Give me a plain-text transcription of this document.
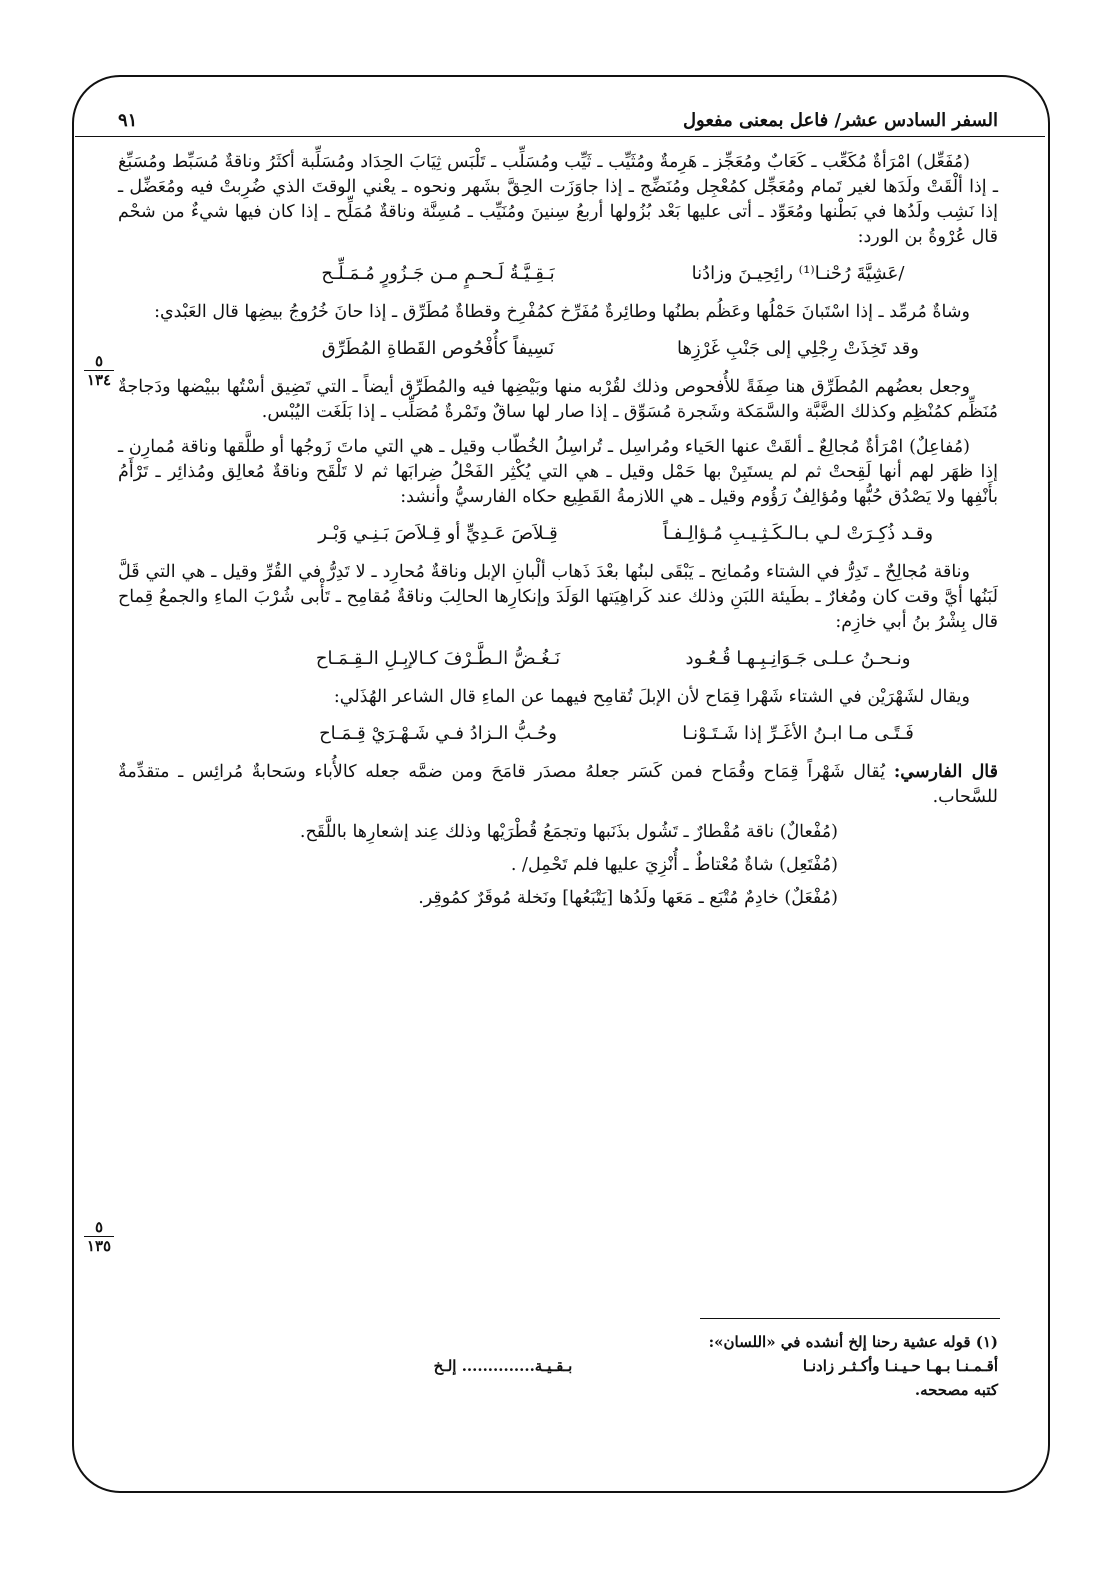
السفر السادس عشر/ فاعل بمعنى مفعول
٩١
٥
١٣٤
٥
١٣٥

(مُفَعِّل) امْرَأةٌ مُكَعِّب ـ كَعَابٌ ومُعَجِّز ـ هَرِمةٌ ومُثَيِّب ـ ثَيِّب ومُسَلِّب ـ تَلْبَس ثِيَابَ الحِدَاد ومُسَلِّبة أكثَرُ وناقةٌ مُسَبِّط ومُسَبِّغ ـ إذا ألْقَتْ ولَدَها لغير تَمام ومُعَجِّل كمُعْجِل ومُنَضِّج ـ إذا جاوَزَت الحِقَّ بشَهر ونحوه ـ يعْني الوقتَ الذي ضُرِبتْ فيه ومُعَضِّل ـ إذا نَشِب ولَدُها في بَطْنها ومُعَوِّد ـ أتى عليها بَعْد بُزُولها أربعُ سِنينَ ومُنَيِّب ـ مُسِنَّة وناقةٌ مُمَلِّح ـ إذا كان فيها شيءٌ من شحْم قال عُرْوةُ بن الورد:

/عَشِيَّةَ رُحْنـا⁽¹⁾ رائِحِيـنَ وزادُنا
بَـقِـيَّـةُ لَـحـمٍ مـن جَـزُورٍ مُـمَـلِّـح

وشاةٌ مُرمِّد ـ إذا اسْتَبانَ حَمْلُها وعَظُم بطنُها وطائِرةٌ مُفَرِّخ كمُفْرِخ وقطاةٌ مُطَرِّق ـ إذا حانَ خُرُوجُ بيضِها قال العَبْدي:

وقد تَخِذَتْ رِجْلِي إلى جَنْبِ غَرْزِها
نَسِيفاً كأُفْحُوص القَطاةِ المُطَرِّق

وجعل بعضُهم المُطَرِّق هنا صِفَةً للأُفحوص وذلك لقُرْبه منها وبَيْضِها فيه والمُطَرِّق أيضاً ـ التي تَضِيق أسْتُها ببيْضها ودَجاجةٌ مُنَظِّم كمُنْظِم وكذلك الضَّبَّة والسَّمَكة وشَجرة مُسَوِّق ـ إذا صار لها ساقٌ وتَمْرةٌ مُصَلِّب ـ إذا بَلَغَت اليُبْس.

(مُفاعِلٌ) امْرَأةٌ مُجالِعٌ ـ ألقَتْ عنها الحَياء ومُراسِل ـ تُراسِلُ الخُطّاب وقيل ـ هي التي ماتَ زَوجُها أو طلَّقها وناقة مُمارِن ـ إذا ظهَر لهم أنها لَقِحتْ ثم لم يستَبِنْ بها حَمْل وقيل ـ هي التي يُكْثِر الفَحْلُ ضِرابَها ثم لا تَلْقَح وناقةٌ مُعالِق ومُذائِر ـ تَرْأَمُ بأَنْفِها ولا يَصْدُق حُبُّها ومُؤالِفٌ رَؤُوم وقيل ـ هي اللازمةُ القَطِيع حكاه الفارسيُّ وأنشد:

وقـد ذُكِـرَتْ لـي بـالـكَـثِـيـبِ مُـؤالِـفـاً
قِـلاَصَ عَـدِيٍّ أو قِـلاَصَ بَـنِـي وَبْـر

وناقة مُجالِحٌ ـ تَدِرُّ في الشتاء ومُمانِح ـ يَبْقَى لبنُها بعْدَ ذَهاب ألْبانِ الإبل وناقةٌ مُحارِد ـ لا تَدِرُّ في القُرِّ وقيل ـ هي التي قَلَّ لَبَنُها أيَّ وقت كان ومُغارٌ ـ بطَيئة اللبَنِ وذلك عند كَراهِيَتها الوَلَدَ وإنكارِها الحالِبَ وناقةٌ مُقامِح ـ تَأْبى شُرْبَ الماءِ والجمعُ قِماح قال بِشْرُ بنُ أبي خازِم:

ونـحـنُ عـلـى جَـوَانِـبِـهـا قُـعُـود
نَـغُـضُّ الـطَّـرْفَ كـالإبِـلِ الـقِـمَـاح

ويقال لشَهْرَيْن في الشتاء شَهْرا قِمَاح لأن الإبلَ تُقامِح فيهما عن الماءِ قال الشاعر الهُذَلي:

فَـتًـى مـا ابـنُ الأغَـرِّ إذا شَـتَـوْنـا
وحُـبُّ الـزادُ فـي شَـهْـرَيْ قِـمَـاح

قال الفارسي: يُقال شَهْراً قِمَاح وقُمَاح فمن كَسَر جعلهُ مصدَر قامَحَ ومن ضمَّه جعله كالأُباء وسَحابةٌ مُرائِس ـ متقدِّمةٌ للسَّحاب.

(مُفْعالٌ) ناقة مُقْطارٌ ـ تَشُول بذَنَبها وتجمَعُ قُطْرَيْها وذلك عِند إشعارِها باللَّقَح.

(مُفْتَعِل) شاةٌ مُعْتاطٌ ـ أُنْزِيَ عليها فلم تَحْمِل/ .

(مُفْعَلٌ) خادِمٌ مُتْبَع ـ مَعَها ولَدُها [يَتْبَعُها] ونَخلة مُوقَرٌ كمُوقِر.

(١) قوله عشية رحنا إلخ أنشده في «اللسان»:
أقـمـنـا بـهـا حـيـنـا وأكـثـر زادنـا
بـقـيـة.............. إلـخ
كتبه مصححه.
